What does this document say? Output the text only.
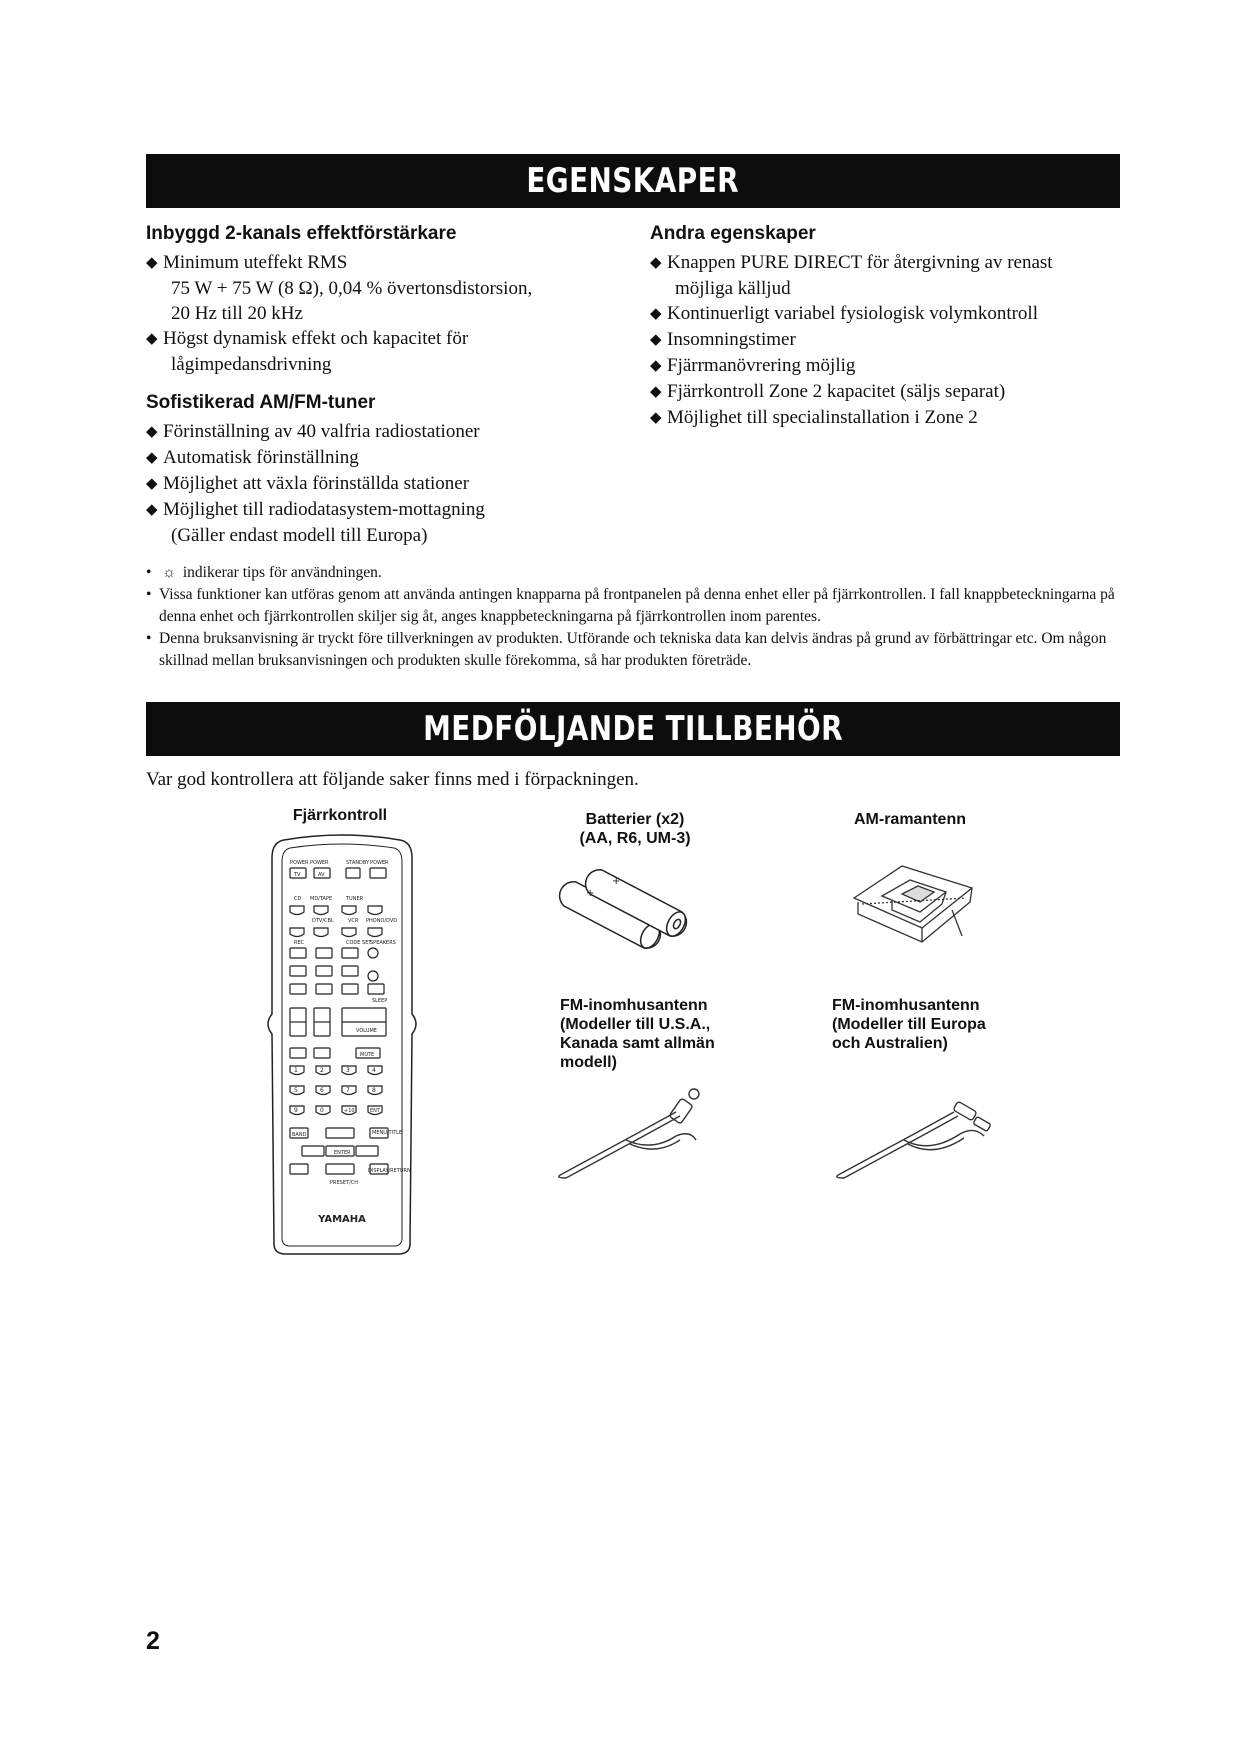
EGENSKAPER
Inbyggd 2-kanals effektförstärkare
◆ Minimum uteffekt RMS
75 W + 75 W (8 Ω), 0,04 % övertonsdistorsion,
20 Hz till 20 kHz
◆ Högst dynamisk effekt och kapacitet för
lågimpedansdrivning
Sofistikerad AM/FM-tuner
◆ Förinställning av 40 valfria radiostationer
◆ Automatisk förinställning
◆ Möjlighet att växla förinställda stationer
◆ Möjlighet till radiodatasystem-mottagning
(Gäller endast modell till Europa)
Andra egenskaper
◆ Knappen PURE DIRECT för återgivning av renast
möjliga källjud
◆ Kontinuerligt variabel fysiologisk volymkontroll
◆ Insomningstimer
◆ Fjärrmanövrering möjlig
◆ Fjärrkontroll Zone 2 kapacitet (säljs separat)
◆ Möjlighet till specialinstallation i Zone 2
• ☼ indikerar tips för användningen.
• Vissa funktioner kan utföras genom att använda antingen knapparna på frontpanelen på denna enhet eller på fjärrkontrollen. I fall knappbeteckningarna på denna enhet och fjärrkontrollen skiljer sig åt, anges knappbeteckningarna på fjärrkontrollen inom parentes.
• Denna bruksanvisning är tryckt före tillverkningen av produkten. Utförande och tekniska data kan delvis ändras på grund av förbättringar etc. Om någon skillnad mellan bruksanvisningen och produkten skulle förekomma, så har produkten företräde.
MEDFÖLJANDE TILLBEHÖR

Var god kontrollera att följande saker finns med i förpackningen.

Fjärrkontroll	Batterier (x2)
(AA, R6, UM-3)

AM-ramantenn

FM-inomhusantenn
(Modeller till U.S.A.,
Kanada samt allmän
modell)

FM-inomhusantenn
(Modeller till Europa
och Australien)

POWER POWER	STANDBY POWER
TV	AV
CD MD/TAPE	TUNER
DTV/CBL	VCR PHONO/DVD
REC	CODE SET
SPEAKERS
SLEEP
VOLUME
MUTE
BAND	MENU/TITLE
ENTER
DISPLAY/RETURN
PRESET/CH
1	2	3	4
5	6	7	8
9	0	+10	ENT
YAMAHA
+
+
2
